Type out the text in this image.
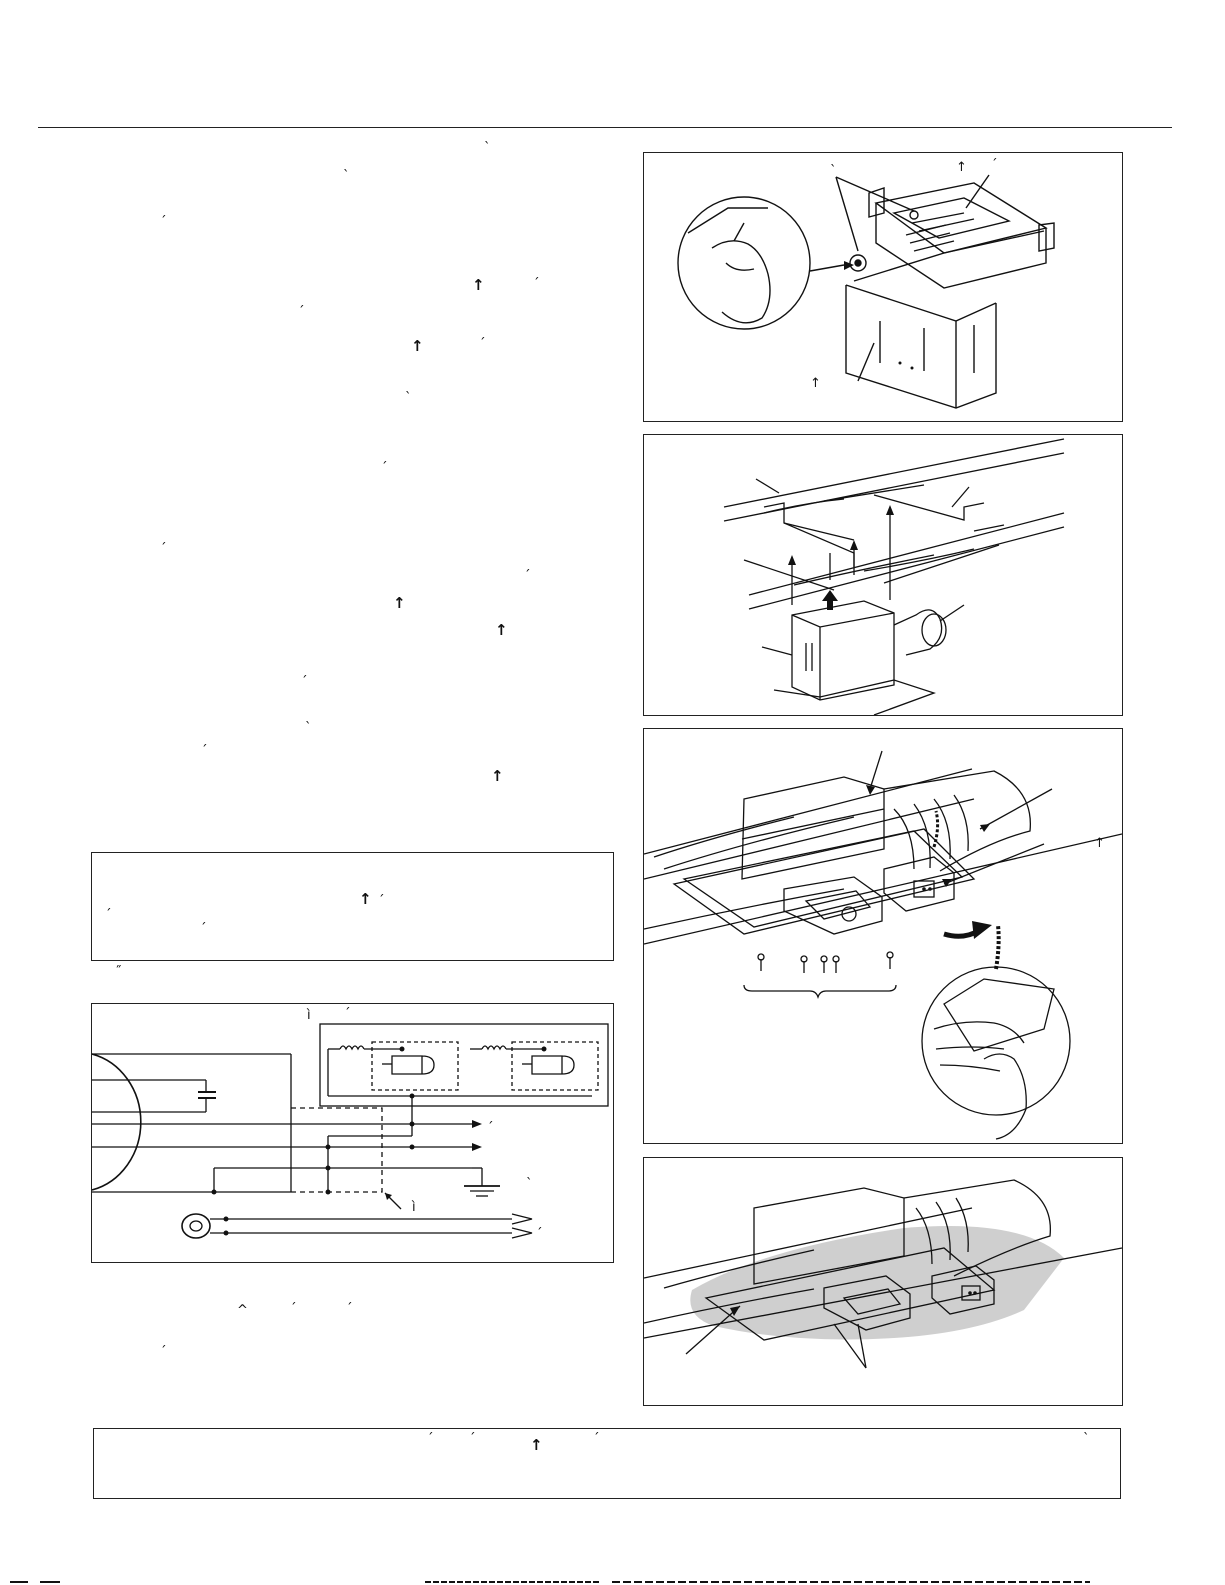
ˋ
ˋ
ˊ
↑	ˊ
ˊ
↑	ˊ
ˋ
ˊ
ˊ
ˊ
↑
↑
ˊ
ˋ
ˊ
↑
↑ ˊ
ˊ
ˊ
˝
ì	ˊ
ˊ
ˋ
ì
ˊ
^	ˊ	ˊ
ˊ
ˋ	↑ ˊ
↑
↑
ˊ	ˊ	↑	ˊ	ˋ
